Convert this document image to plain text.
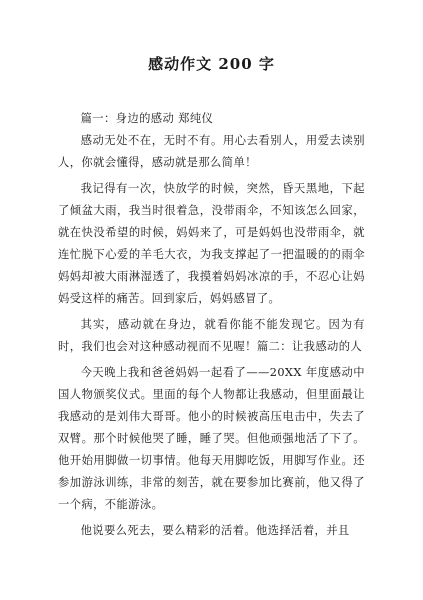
感动作文 200 字

篇一：身边的感动 郑纯仪

感动无处不在，无时不有。用心去看别人，用爱去读别人，你就会懂得，感动就是那么简单！

我记得有一次，快放学的时候，突然，昏天黑地，下起了倾盆大雨，我当时很着急，没带雨伞，不知该怎么回家，就在快没希望的时候，妈妈来了，可是妈妈也没带雨伞，就连忙脱下心爱的羊毛大衣，为我支撑起了一把温暖的的雨伞妈妈却被大雨淋湿透了，我摸着妈妈冰凉的手，不忍心让妈妈受这样的痛苦。回到家后，妈妈感冒了。

其实，感动就在身边，就看你能不能发现它。因为有时，我们也会对这种感动视而不见喔！篇二：让我感动的人

今天晚上我和爸爸妈妈一起看了——20XX 年度感动中国人物颁奖仪式。里面的每个人物都让我感动，但里面最让我感动的是刘伟大哥哥。他小的时候被高压电击中，失去了双臂。那个时候他哭了睡，睡了哭。但他顽强地活了下了。他开始用脚做一切事情。他每天用脚吃饭，用脚写作业。还参加游泳训练，非常的刻苦，就在要参加比赛前，他又得了一个病，不能游泳。

他说要么死去，要么精彩的活着。他选择活着，并且
